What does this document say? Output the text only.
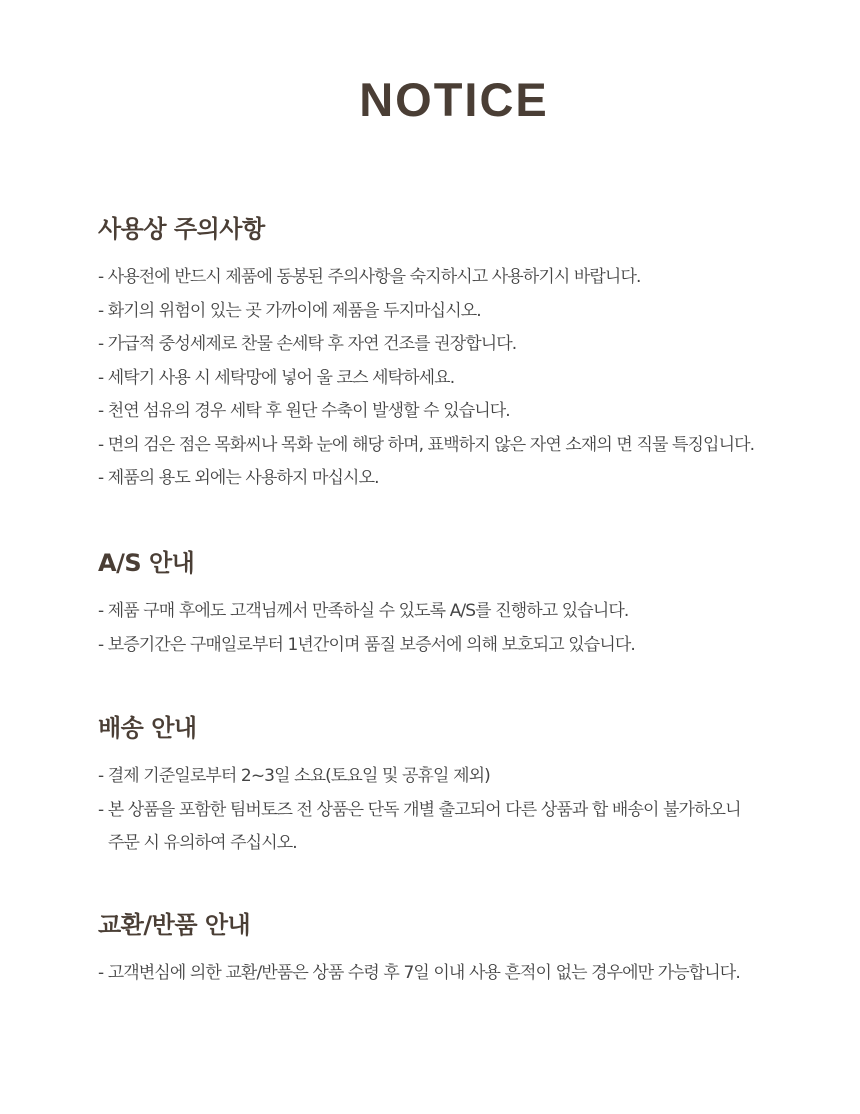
NOTICE
사용상 주의사항
- 사용전에 반드시 제품에 동봉된 주의사항을 숙지하시고 사용하기시 바랍니다.
- 화기의 위험이 있는 곳 가까이에 제품을 두지마십시오.
- 가급적 중성세제로 찬물 손세탁 후 자연 건조를 권장합니다.
- 세탁기 사용 시 세탁망에 넣어 울 코스 세탁하세요.
- 천연 섬유의 경우 세탁 후 원단 수축이 발생할 수 있습니다.
- 면의 검은 점은 목화씨나 목화 눈에 해당 하며, 표백하지 않은 자연 소재의 면 직물 특징입니다.
- 제품의 용도 외에는 사용하지 마십시오.
A/S 안내
- 제품 구매 후에도 고객님께서 만족하실 수 있도록 A/S를 진행하고 있습니다.
- 보증기간은 구매일로부터 1년간이며 품질 보증서에 의해 보호되고 있습니다.
배송 안내
- 결제 기준일로부터 2~3일 소요(토요일 및 공휴일 제외)
- 본 상품을 포함한 팀버토즈 전 상품은 단독 개별 출고되어 다른 상품과 합 배송이 불가하오니
주문 시 유의하여 주십시오.
교환/반품 안내
- 고객변심에 의한 교환/반품은 상품 수령 후 7일 이내 사용 흔적이 없는 경우에만 가능합니다.
